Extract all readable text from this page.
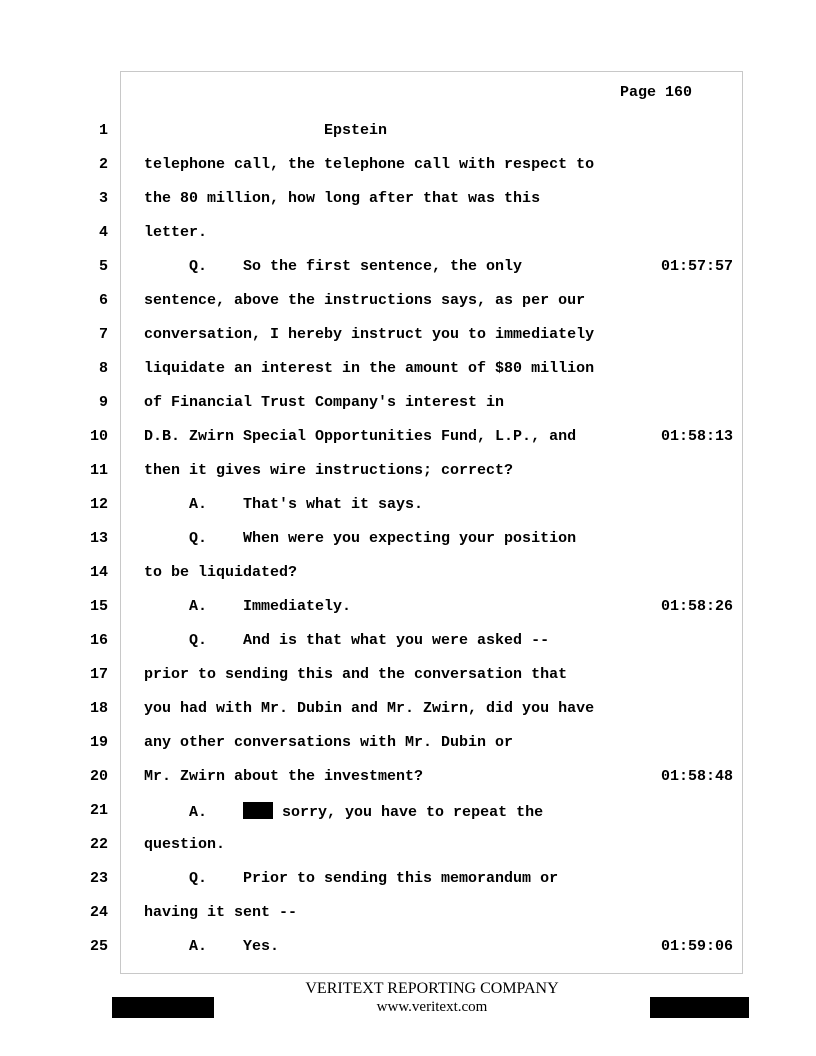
Page 160
1 Epstein
2 telephone call, the telephone call with respect to
3 the 80 million, how long after that was this
4 letter.
5 Q.    So the first sentence, the only	01:57:57
6 sentence, above the instructions says, as per our
7 conversation, I hereby instruct you to immediately
8 liquidate an interest in the amount of $80 million
9 of Financial Trust Company's interest in
10 D.B. Zwirn Special Opportunities Fund, L.P., and	01:58:13
11 then it gives wire instructions; correct?
12 A.    That's what it says.
13 Q.    When were you expecting your position
14 to be liquidated?
15 A.    Immediately.	01:58:26
16 Q.    And is that what you were asked --
17 prior to sending this and the conversation that
18 you had with Mr. Dubin and Mr. Zwirn, did you have
19 any other conversations with Mr. Dubin or
20 Mr. Zwirn about the investment?	01:58:48
21 A.     sorry, you have to repeat the
22 question.
23 Q.    Prior to sending this memorandum or
24 having it sent --
25 A.    Yes.	01:59:06
VERITEXT REPORTING COMPANY
www.veritext.com
